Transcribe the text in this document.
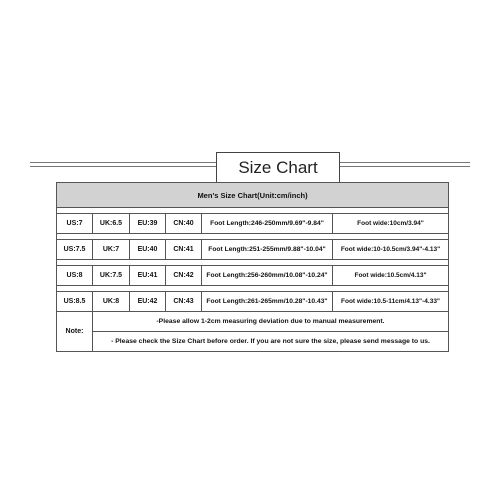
Size Chart
Men's Size Chart(Unit:cm/inch)					

US:7	UK:6.5	EU:39	CN:40	Foot Length:246-250mm/9.69"-9.84"	Foot wide:10cm/3.94"

US:7.5	UK:7	EU:40	CN:41	Foot Length:251-255mm/9.88"-10.04"	Foot wide:10-10.5cm/3.94"-4.13"

US:8	UK:7.5	EU:41	CN:42	Foot Length:256-260mm/10.08"-10.24"	Foot wide:10.5cm/4.13"

US:8.5	UK:8	EU:42	CN:43	Foot Length:261-265mm/10.28"-10.43"	Foot wide:10.5-11cm/4.13"-4.33"
Note:	-Please allow 1-2cm measuring deviation due to manual measurement.				
	- Please check the Size Chart before order. If you are not sure the size, please send message to us.				
